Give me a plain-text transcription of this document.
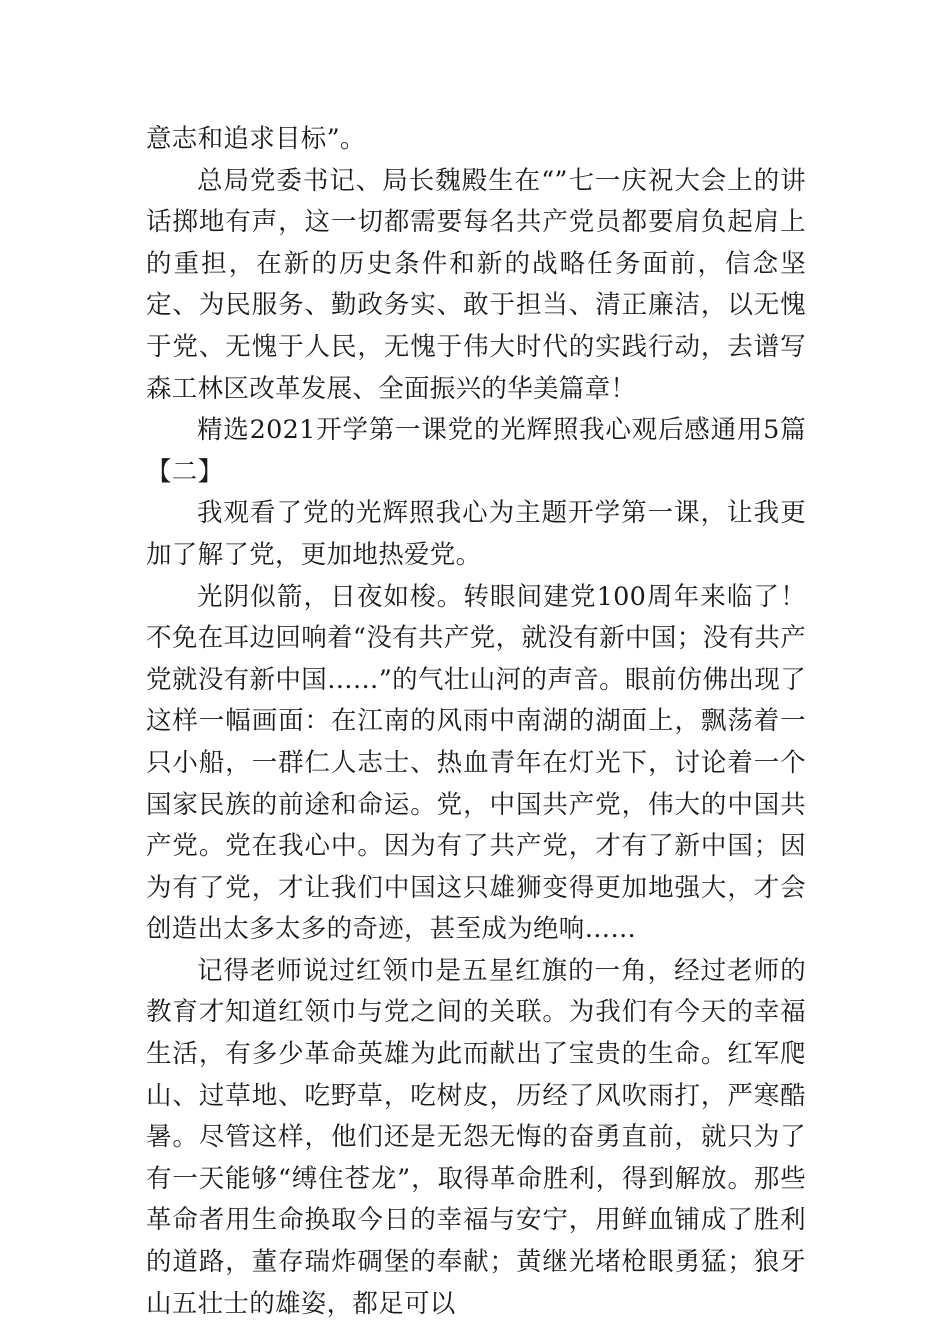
意志和追求目标”。

总局党委书记、局长魏殿生在“”七一庆祝大会上的讲话掷地有声，这一切都需要每名共产党员都要肩负起肩上的重担，在新的历史条件和新的战略任务面前，信念坚定、为民服务、勤政务实、敢于担当、清正廉洁，以无愧于党、无愧于人民，无愧于伟大时代的实践行动，去谱写森工林区改革发展、全面振兴的华美篇章！

精选2021开学第一课党的光辉照我心观后感通用5篇【二】

我观看了党的光辉照我心为主题开学第一课，让我更加了解了党，更加地热爱党。

光阴似箭，日夜如梭。转眼间建党100周年来临了！不免在耳边回响着“没有共产党，就没有新中国；没有共产党就没有新中国……”的气壮山河的声音。眼前仿佛出现了这样一幅画面：在江南的风雨中南湖的湖面上，飘荡着一只小船，一群仁人志士、热血青年在灯光下，讨论着一个国家民族的前途和命运。党，中国共产党，伟大的中国共产党。党在我心中。因为有了共产党，才有了新中国；因为有了党，才让我们中国这只雄狮变得更加地强大，才会创造出太多太多的奇迹，甚至成为绝响……

记得老师说过红领巾是五星红旗的一角，经过老师的教育才知道红领巾与党之间的关联。为我们有今天的幸福生活，有多少革命英雄为此而献出了宝贵的生命。红军爬山、过草地、吃野草，吃树皮，历经了风吹雨打，严寒酷暑。尽管这样，他们还是无怨无悔的奋勇直前，就只为了有一天能够“缚住苍龙”，取得革命胜利，得到解放。那些革命者用生命换取今日的幸福与安宁，用鲜血铺成了胜利的道路，董存瑞炸碉堡的奉献；黄继光堵枪眼勇猛；狼牙山五壮士的雄姿，都足可以
